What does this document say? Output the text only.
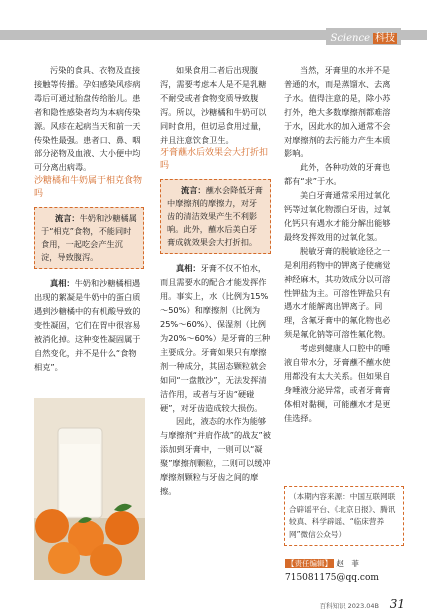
Science 科技

污染的食具、衣物及直接接触等传播。孕妇感染风疹病毒后可通过胎盘传给胎儿。患者和隐性感染者均为本病传染源。风疹在起病当天和前一天传染性最强。患者口、鼻、咽部分泌物及血液、大小便中均可分离出病毒。

沙糖橘和牛奶属于相克食物吗

流言：牛奶和沙糖橘属于“相克”食物，不能同时食用，一起吃会产生沉淀，导致腹泻。

真相：牛奶和沙糖橘相遇出现的絮凝是牛奶中的蛋白质遇到沙糖橘中的有机酸导致的变性凝固，它们在胃中很容易被消化掉。这种变性凝固属于自然变化，并不是什么“食物相克”。

如果食用二者后出现腹泻，需要考虑本人是不是乳糖不耐受或者食物变质导致腹泻。所以，沙糖橘和牛奶可以同时食用，但切忌食用过量，并且注意饮食卫生。

牙膏蘸水后效果会大打折扣吗

流言：蘸水会降低牙膏中摩擦剂的摩擦力，对牙齿的清洁效果产生不利影响。此外，蘸水后美白牙膏成就效果会大打折扣。

真相：牙膏不仅不怕水，而且需要水的配合才能发挥作用。事实上，水（比例为15%～50%）和摩擦剂（比例为25%～60%）、保湿剂（比例为20%～60%）是牙膏的三种主要成分。牙膏如果只有摩擦剂一种成分，其固态颗粒就会如同“一盘散沙”，无法发挥清洁作用，或者与牙齿“硬碰硬”，对牙齿造成较大损伤。

因此，液态的水作为能够与摩擦剂“并肩作战”的战友”被添加到牙膏中，一则可以“凝聚”摩擦剂颗粒，二则可以缓冲摩擦剂颗粒与牙齿之间的摩擦。

当然，牙膏里的水并不是普通的水，而是蒸馏水、去离子水。值得注意的是，除小苏打外，绝大多数摩擦剂都难溶于水，因此水的加入通常不会对摩擦剂的去污能力产生本质影响。

此外，各种功效的牙膏也都有“求”于水。

美白牙膏通常采用过氧化钙等过氧化物漂白牙齿，过氧化钙只有遇水才能分解出能够最终发挥效用的过氧化氢。

脱敏牙膏的脱敏途径之一是利用药物中的钾离子使痛觉神经麻木，其功效成分以可溶性钾盐为主。可溶性钾盐只有遇水才能解离出钾离子。同理，含氟牙膏中的氟化物也必须是氟化钠等可溶性氟化物。

考虑到健康人口腔中的唾液自带水分，牙膏蘸不蘸水使用都没有太大关系。但如果自身唾液分泌异常，或者牙膏膏体相对黏稠，可能蘸水才是更佳选择。

（本期内容来源：中国互联网联合辟谣平台、《北京日报》、腾讯较真、科学辟谣、“临床营养网”微信公众号）

【责任编辑】 赵　菲
715081175@qq.com
百科知识 2023.04B 31
